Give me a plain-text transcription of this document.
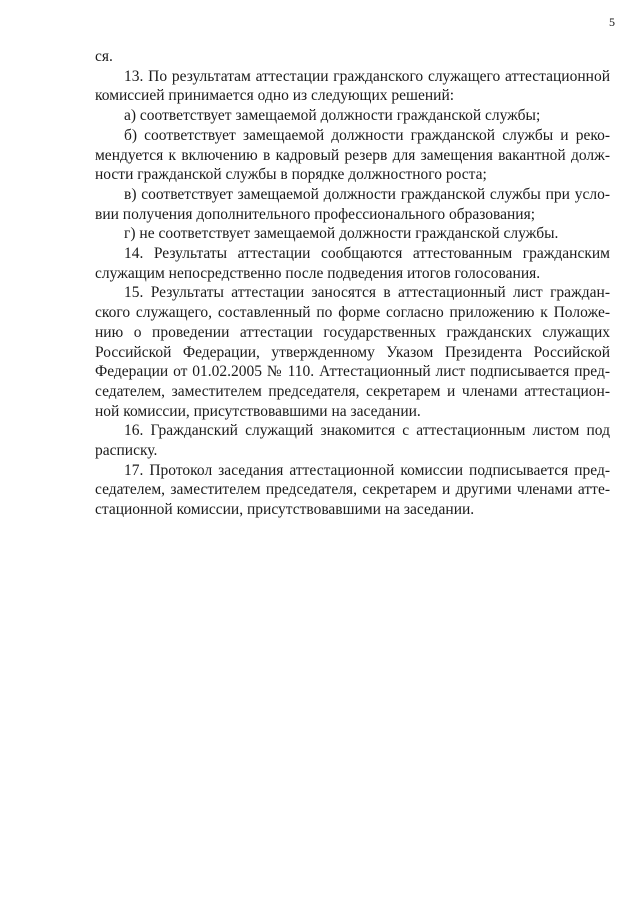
5
ся.
13. По результатам аттестации гражданского служащего аттестационной
комиссией принимается одно из следующих решений:
а) соответствует замещаемой должности гражданской службы;
б) соответствует замещаемой должности гражданской службы и реко-
мендуется к включению в кадровый резерв для замещения вакантной долж-
ности гражданской службы в порядке должностного роста;
в) соответствует замещаемой должности гражданской службы при усло-
вии получения дополнительного профессионального образования;
г) не соответствует замещаемой должности гражданской службы.
14. Результаты аттестации сообщаются аттестованным гражданским
служащим непосредственно после подведения итогов голосования.
15. Результаты аттестации заносятся в аттестационный лист граждан-
ского служащего, составленный по форме согласно приложению к Положе-
нию о проведении аттестации государственных гражданских служащих
Российской Федерации, утвержденному Указом Президента Российской
Федерации от 01.02.2005 № 110. Аттестационный лист подписывается пред-
седателем, заместителем председателя, секретарем и членами аттестацион-
ной комиссии, присутствовавшими на заседании.
16. Гражданский служащий знакомится с аттестационным листом под
расписку.
17. Протокол заседания аттестационной комиссии подписывается пред-
седателем, заместителем председателя, секретарем и другими членами атте-
стационной комиссии, присутствовавшими на заседании.
